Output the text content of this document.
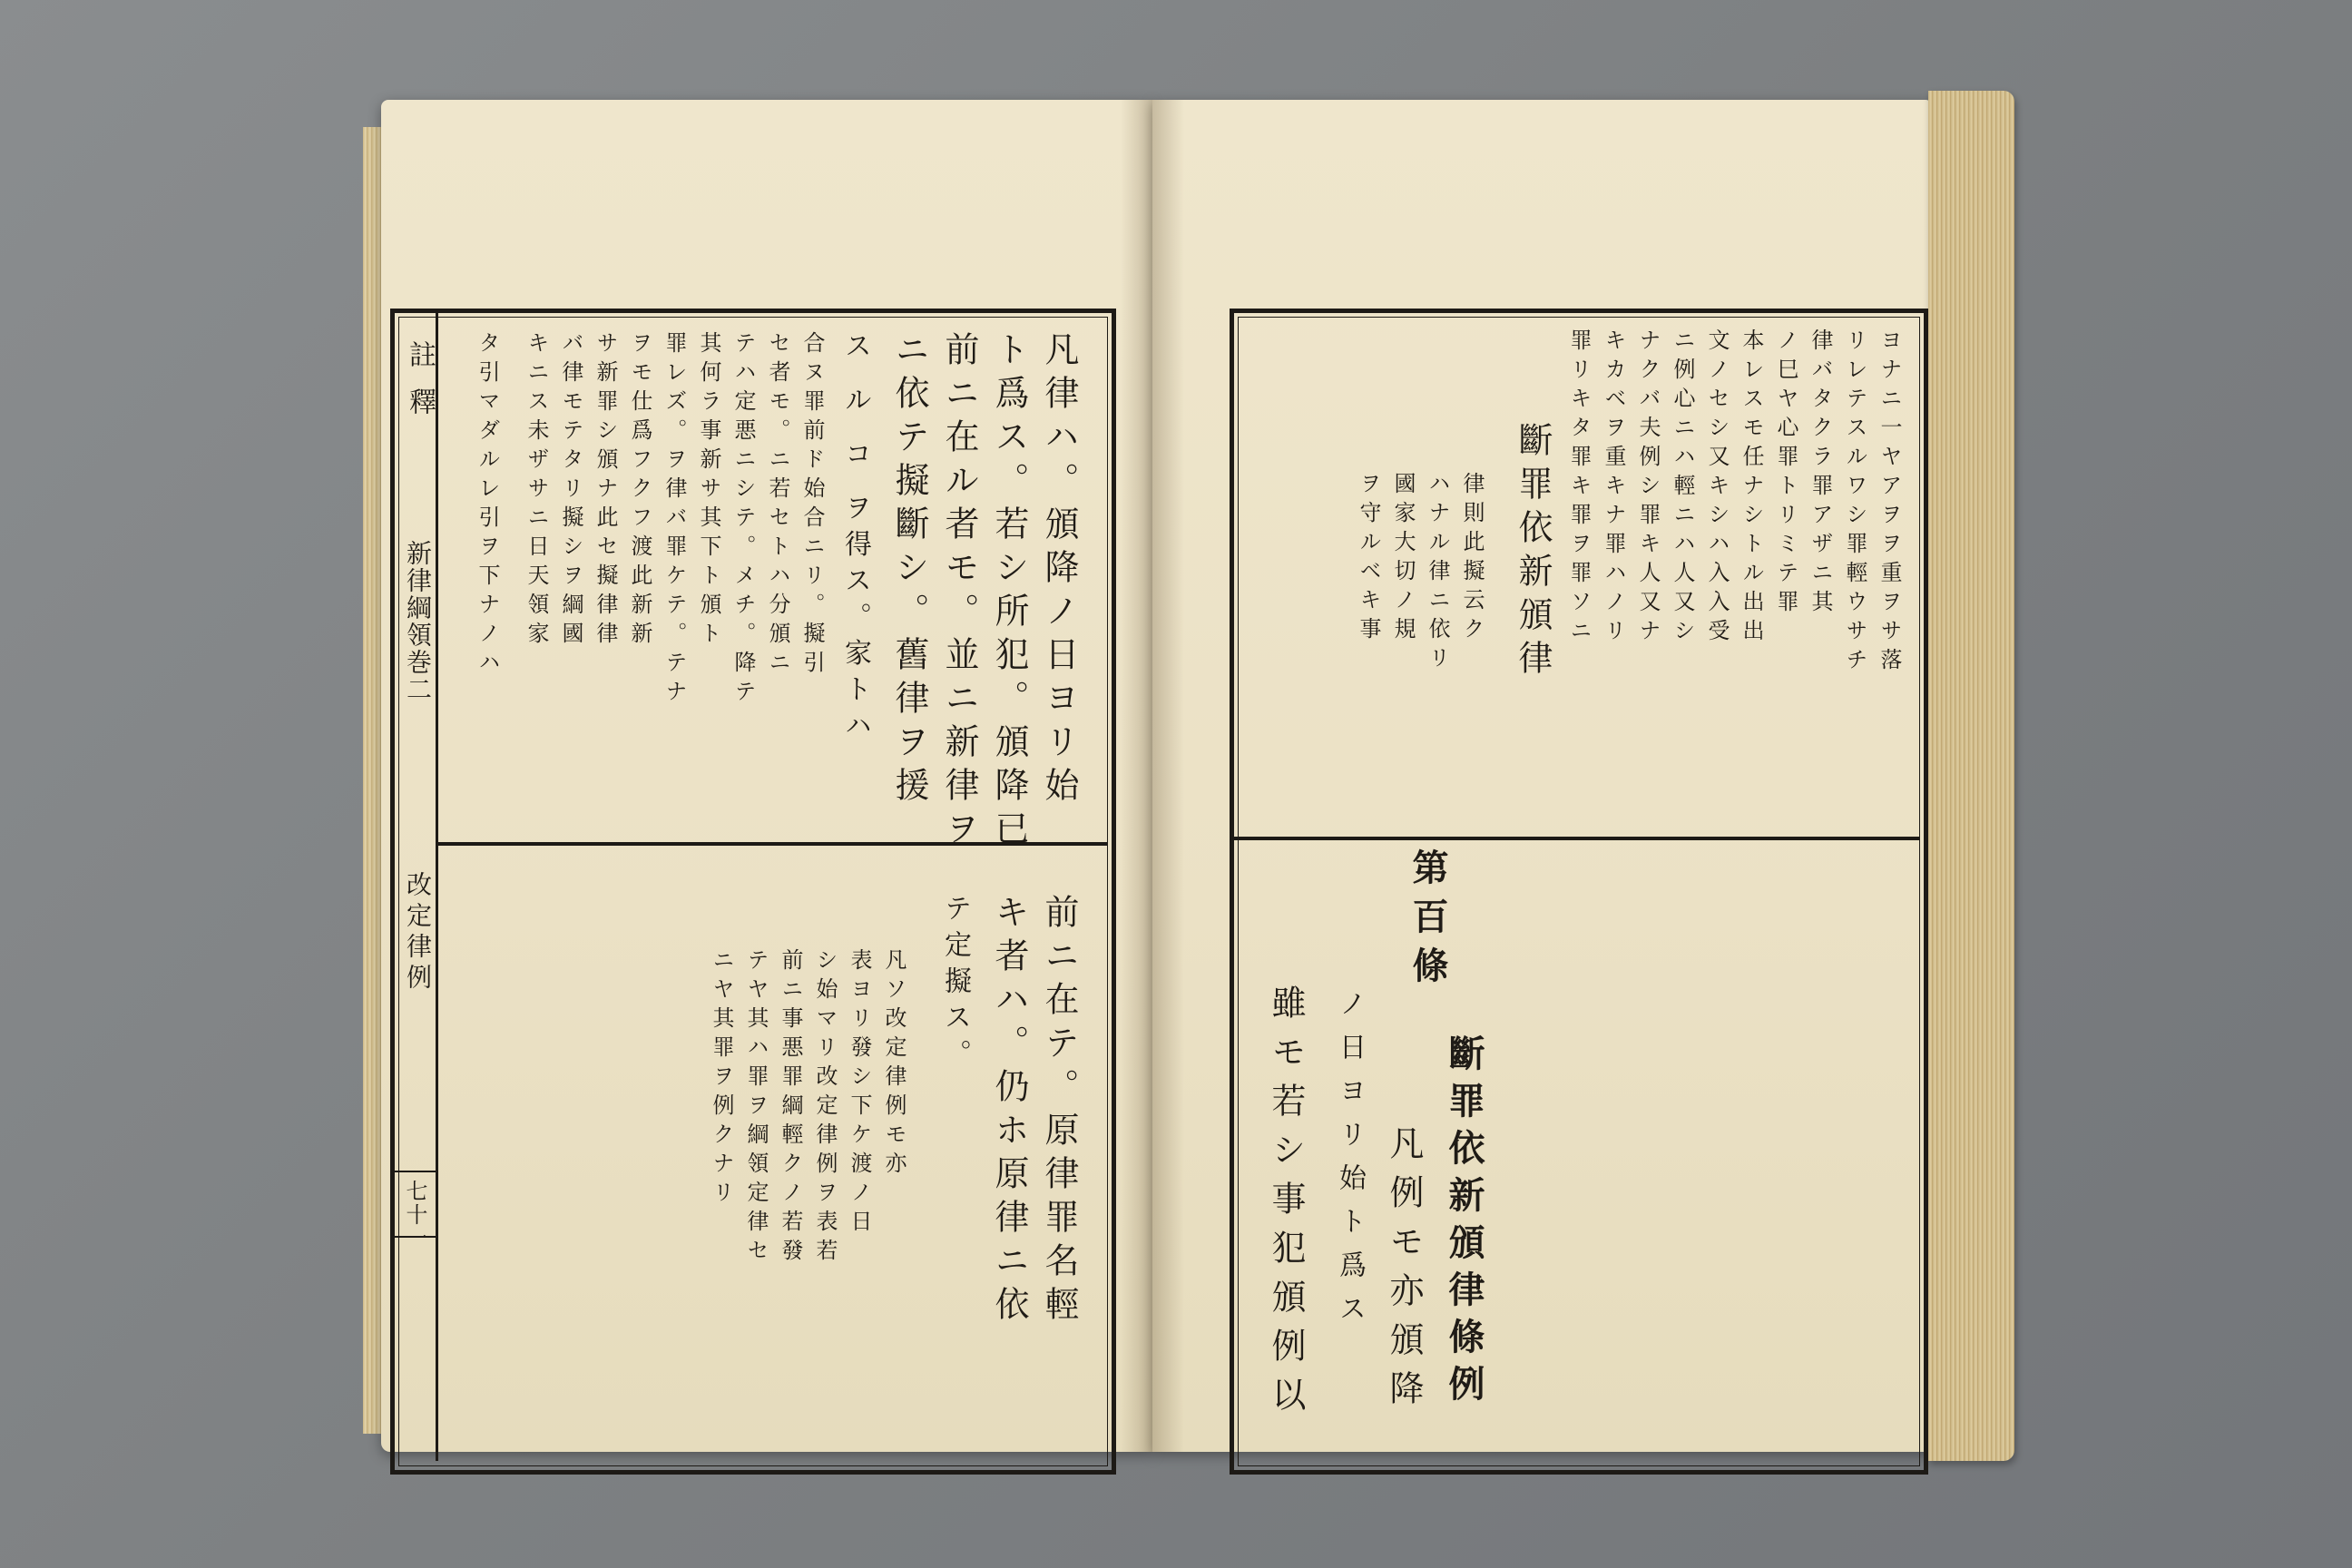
註釋
新律綱領巻二
改定律例
七十一
凡律ハ。頒降ノ日ヨリ始
ト爲ス。若シ所犯。頒降已
前ニ在ル者モ。並ニ新律ヲ
ニ依テ擬斷シ。舊律ヲ援
ス ル コ ヲ得ス。家トハ
合ヌ罪前ド始合ニリ。擬引
セ者モ。ニ若セトハ分頒ニ
テハ定悪ニシテ。メチ。降テ
其何ラ事新サ其下ト頒ト
罪レズ。ヲ律バ罪ケテ。テナ
ヲモ仕爲フクフ渡此新新
サ新罪シ頒ナ此セ擬律律
バ律モテタリ擬シヲ綱國
キニス未ザサニ日天領家
タ引マダルレ引ヲ下ナノハ
前ニ在テ。原律罪名輕
キ者ハ。仍ホ原律ニ依
テ定擬ス。
凡ソ改定律例モ亦
表ヨリ發シ下ケ渡ノ日
シ始マリ改定律例ヲ表若
前ニ事悪罪綱輕クノ若發
テヤ其ハ罪ヲ綱領定律セ
ニヤ其罪ヲ例クナリ
ヨナニ一ヤアヲヲ重ヲサ落
リレテスルワシ罪輕ウサチ
律バタクラ罪アザニ其
ノ巳ヤ心罪トリミテ罪
本レスモ任ナシトル出出
文ノセシ又キシハ入入受
ニ例心ニハ輕ニハ人又シ
ナクバ夫例シ罪キ人又ナ
キカベヲ重キナ罪ハノリ
罪リキタ罪キ罪ヲ罪ソニ
斷罪依新頒律
律則此擬云ク
ハナル律ニ依リ
國家大切ノ規
ヲ守ルベキ事
第百條
斷罪依新頒律條例
ノ日ヨリ始ト爲ス 凡例モ亦頒降
雖モ若シ事犯頒例以
